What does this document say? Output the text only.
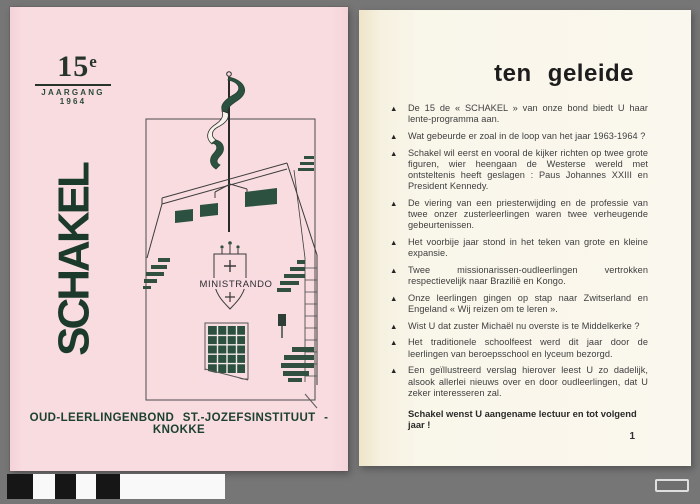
15e
JAARGANG 1964
SCHAKEL	MINISTRANDO
OUD-LEERLINGENBOND ST.-JOZEFSINSTITUUT - KNOKKE
ten geleide
▲	De 15 de « SCHAKEL » van onze bond biedt U haar lente-programma aan.
▲	Wat gebeurde er zoal in de loop van het jaar 1963-1964 ?
▲	Schakel wil eerst en vooral de kijker richten op twee grote figuren, wier heengaan de Westerse wereld met ontsteltenis heeft geslagen : Paus Johannes XXIII en President Kennedy.
▲	De viering van een priesterwijding en de professie van twee onzer zusterleerlingen waren twee verheugende gebeurtenissen.
▲	Het voorbije jaar stond in het teken van grote en kleine expansie.
▲	Twee missionarissen-oudleerlingen vertrokken respectievelijk naar Brazilië en Kongo.
▲	Onze leerlingen gingen op stap naar Zwitserland en Engeland « Wij reizen om te leren ».
▲	Wist U dat zuster Michaël nu overste is te Middelkerke ?
▲	Het traditionele schoolfeest werd dit jaar door de leerlingen van beroepsschool en lyceum bezorgd.
▲	Een geïllustreerd verslag hierover leest U zo dadelijk, alsook allerlei nieuws over en door oudleerlingen, dat U zeker interesseren zal.
Schakel wenst U aangename lectuur en tot volgend jaar !
1
